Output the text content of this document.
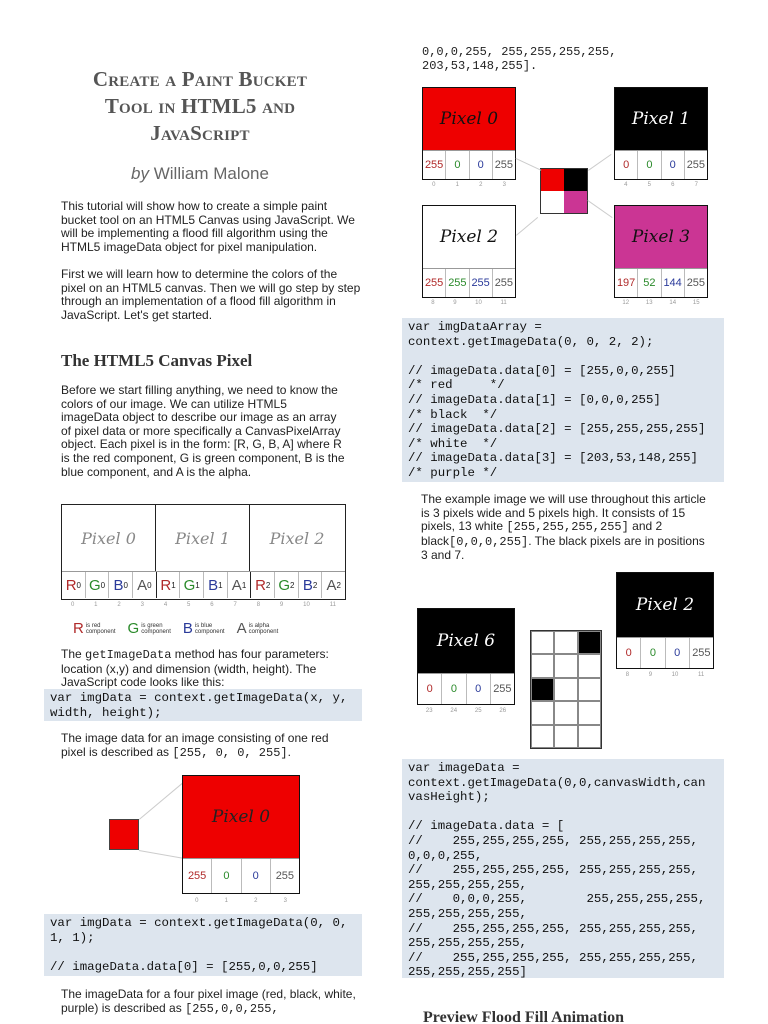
Create a Paint Bucket
Tool in HTML5 and
JavaScript
by William Malone
This tutorial will show how to create a simple paint bucket tool on an HTML5 Canvas using JavaScript. We will be implementing a flood fill algorithm using the HTML5 imageData object for pixel manipulation.
First we will learn how to determine the colors of the pixel on an HTML5 canvas. Then we will go step by step through an implementation of a flood fill algorithm in JavaScript. Let's get started.
The HTML5 Canvas Pixel
Before we start filling anything, we need to know the colors of our image. We can utilize HTML5 imageData object to describe our image as an array of pixel data or more specifically a CanvasPixelArray object. Each pixel is in the form: [R, G, B, A] where R is the red component, G is green component, B is the blue component, and A is the alpha.
Pixel 0 Pixel 1 Pixel 2
R 0 G 0 B 0 A 0 R 1 G 1 B 1 A 1 R 2 G 2 B 2 A 2
0	1	2	3	4	5	6	7	8	9	10	11
R is red
component G is green
component B is blue
component A is alpha
component
The getImageData method has four parameters: location (x,y) and dimension (width, height). The JavaScript code looks like this:
var imgData = context.getImageData(x, y,
width, height);
The image data for an image consisting of one red pixel is described as [255, 0, 0, 255].
Pixel 0
255	0	0	255
0	1	2	3
var imgData = context.getImageData(0, 0,
1, 1);

// imageData.data[0] = [255,0,0,255]
The imageData for a four pixel image (red, black, white, purple) is described as [255,0,0,255,
0,0,0,255, 255,255,255,255,
203,53,148,255].
Pixel 0
255	0	0	255
0	1	2	3
Pixel 1
0	0	0	255
4	5	6	7
Pixel 2
255 255 255 255
8	9	10	11
Pixel 3
197 52 144 255
12	13	14	15
var imgDataArray =
context.getImageData(0, 0, 2, 2);

// imageData.data[0] = [255,0,0,255]
/* red     */
// imageData.data[1] = [0,0,0,255]
/* black  */
// imageData.data[2] = [255,255,255,255]
/* white  */
// imageData.data[3] = [203,53,148,255]
/* purple */
The example image we will use throughout this article is 3 pixels wide and 5 pixels high. It consists of 15 pixels, 13 white [255,255,255,255] and 2 black[0,0,0,255]. The black pixels are in positions 3 and 7.
Pixel 2
0	0	0	255
8	9	10	11
Pixel 6
0	0	0	255
23	24	25	26
var imageData =
context.getImageData(0,0,canvasWidth,can
vasHeight);

// imageData.data = [
//    255,255,255,255, 255,255,255,255,
0,0,0,255,
//    255,255,255,255, 255,255,255,255,
255,255,255,255,
//    0,0,0,255,        255,255,255,255,
255,255,255,255,
//    255,255,255,255, 255,255,255,255,
255,255,255,255,
//    255,255,255,255, 255,255,255,255,
255,255,255,255]
Preview Flood Fill Animation
